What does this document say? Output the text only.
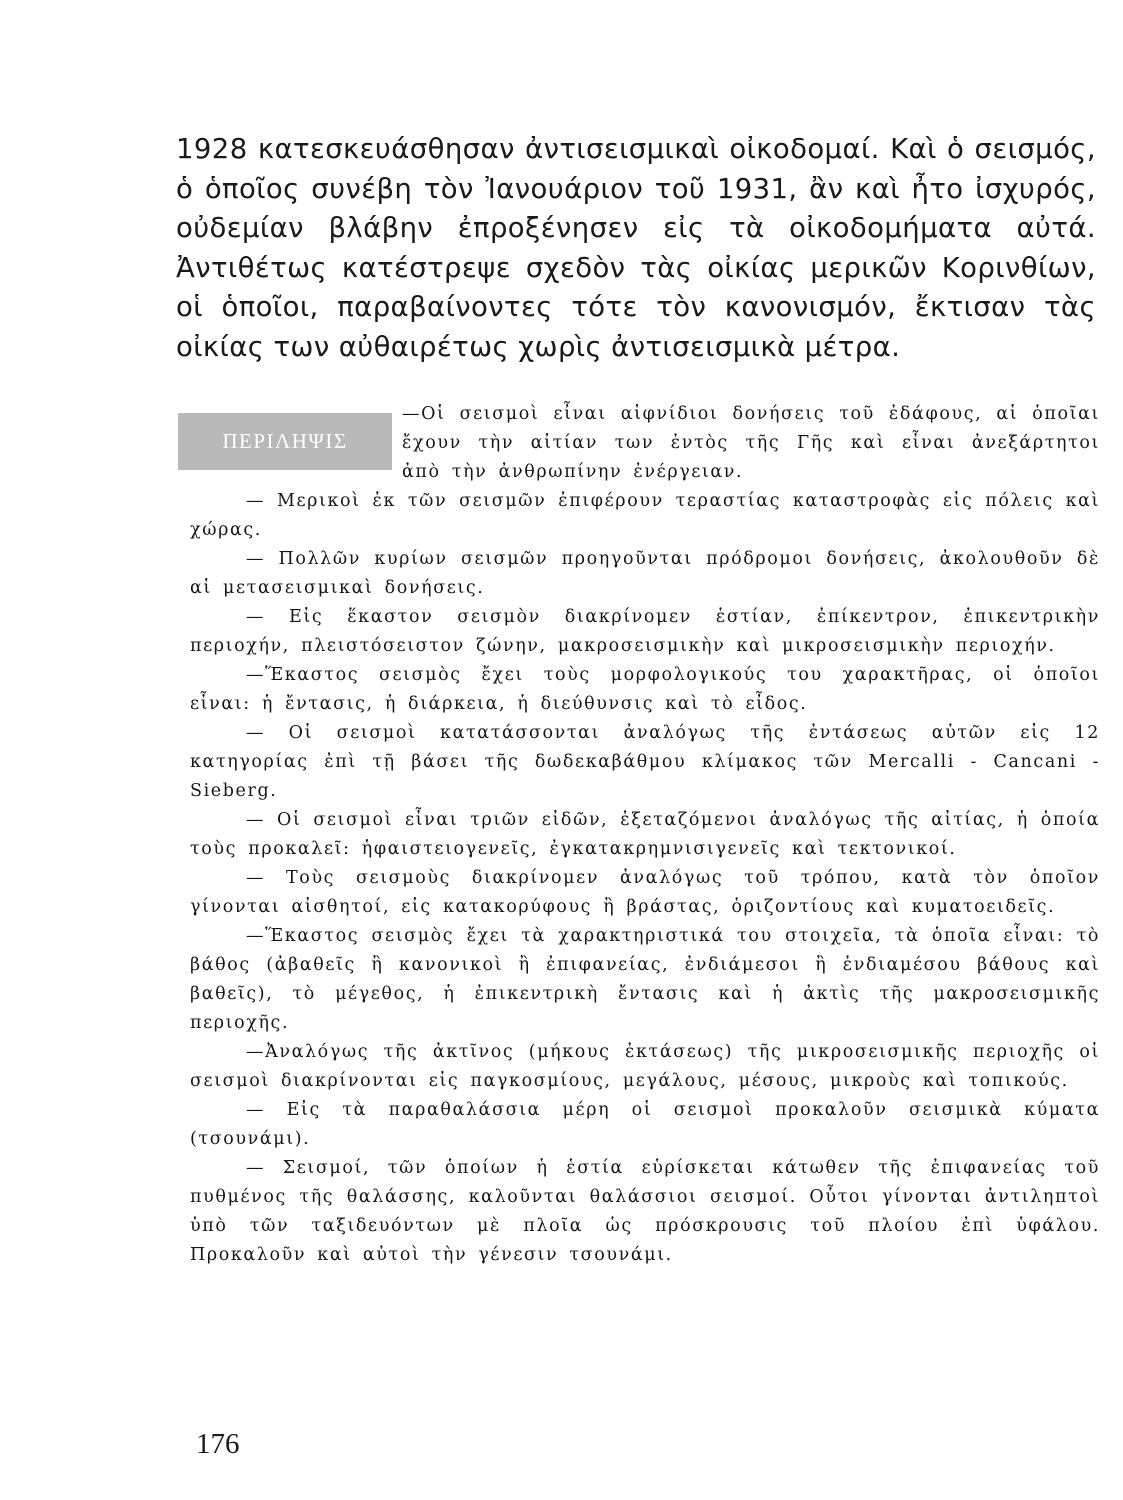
1928 κατεσκευάσθησαν ἀντισεισμικαὶ οἰκοδομαί. Καὶ ὁ σεισμός, ὁ ὁποῖος συνέβη τὸν Ἰανουάριον τοῦ 1931, ἂν καὶ ἦτο ἰσχυρός, οὐδεμίαν βλάβην ἐπροξένησεν εἰς τὰ οἰκοδομήματα αὐτά. Ἀντιθέτως κατέστρεψε σχεδὸν τὰς οἰκίας μερικῶν Κορινθίων, οἱ ὁποῖοι, παραβαίνοντες τότε τὸν κανονισμόν, ἔκτισαν τὰς οἰκίας των αὐθαιρέτως χωρὶς ἀντισεισμικὰ μέτρα.

ΠΕΡΙΛΗΨΙΣ

—Οἱ σεισμοὶ εἶναι αἰφνίδιοι δονήσεις τοῦ ἐδάφους, αἱ ὁποῖαι ἔχουν τὴν αἰτίαν των ἐντὸς τῆς Γῆς καὶ εἶναι ἀνεξάρτητοι ἀπὸ τὴν ἀνθρωπίνην ἐνέργειαν.

— Μερικοὶ ἐκ τῶν σεισμῶν ἐπιφέρουν τεραστίας καταστροφὰς εἰς πόλεις καὶ χώρας.

— Πολλῶν κυρίων σεισμῶν προηγοῦνται πρόδρομοι δονήσεις, ἀκολουθοῦν δὲ αἱ μετασεισμικαὶ δονήσεις.

— Εἰς ἕκαστον σεισμὸν διακρίνομεν ἑστίαν, ἐπίκεντρον, ἐπικεντρικὴν περιοχήν, πλειστόσειστον ζώνην, μακροσεισμικὴν καὶ μικροσεισμικὴν περιοχήν.

—Ἕκαστος σεισμὸς ἔχει τοὺς μορφολογικούς του χαρακτῆρας, οἱ ὁποῖοι εἶναι: ἡ ἔντασις, ἡ διάρκεια, ἡ διεύθυνσις καὶ τὸ εἶδος.

— Οἱ σεισμοὶ κατατάσσονται ἀναλόγως τῆς ἐντάσεως αὐτῶν εἰς 12 κατηγορίας ἐπὶ τῇ βάσει τῆς δωδεκαβάθμου κλίμακος τῶν Mercalli - Cancani - Sieberg.

— Οἱ σεισμοὶ εἶναι τριῶν εἰδῶν, ἐξεταζόμενοι ἀναλόγως τῆς αἰτίας, ἡ ὁποία τοὺς προκαλεῖ: ἡφαιστειογενεῖς, ἐγκατακρημνισιγενεῖς καὶ τεκτονικοί.

— Τοὺς σεισμοὺς διακρίνομεν ἀναλόγως τοῦ τρόπου, κατὰ τὸν ὁποῖον γίνονται αἰσθητοί, εἰς κατακορύφους ἢ βράστας, ὁριζοντίους καὶ κυματοειδεῖς.

—Ἕκαστος σεισμὸς ἔχει τὰ χαρακτηριστικά του στοιχεῖα, τὰ ὁποῖα εἶναι: τὸ βάθος (ἀβαθεῖς ἢ κανονικοὶ ἢ ἐπιφανείας, ἐνδιάμεσοι ἢ ἐνδιαμέσου βάθους καὶ βαθεῖς), τὸ μέγεθος, ἡ ἐπικεντρικὴ ἔντασις καὶ ἡ ἀκτὶς τῆς μακροσεισμικῆς περιοχῆς.

—Ἀναλόγως τῆς ἀκτῖνος (μήκους ἐκτάσεως) τῆς μικροσεισμικῆς περιοχῆς οἱ σεισμοὶ διακρίνονται εἰς παγκοσμίους, μεγάλους, μέσους, μικροὺς καὶ τοπικούς.

— Εἰς τὰ παραθαλάσσια μέρη οἱ σεισμοὶ προκαλοῦν σεισμικὰ κύματα (τσουνάμι).

— Σεισμοί, τῶν ὁποίων ἡ ἑστία εὑρίσκεται κάτωθεν τῆς ἐπιφανείας τοῦ πυθμένος τῆς θαλάσσης, καλοῦνται θαλάσσιοι σεισμοί. Οὗτοι γίνονται ἀντιληπτοὶ ὑπὸ τῶν ταξιδευόντων μὲ πλοῖα ὡς πρόσκρουσις τοῦ πλοίου ἐπὶ ὑφάλου. Προκαλοῦν καὶ αὐτοὶ τὴν γένεσιν τσουνάμι.

176
